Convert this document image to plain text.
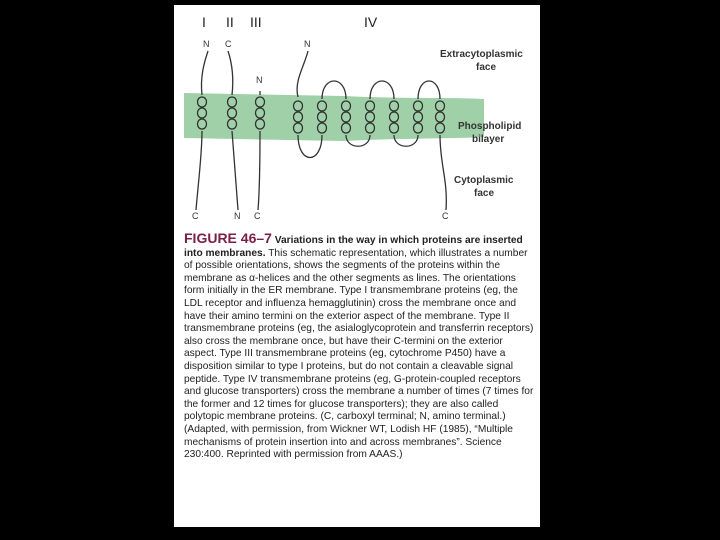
I II III	IV
N
C
C
N
N
C
N
C
Extracytoplasmic
face
Phospholipid
bilayer
Cytoplasmic
face
FIGURE 46–7 Variations in the way in which proteins are inserted into membranes. This schematic representation, which illustrates a number of possible orientations, shows the segments of the proteins within the membrane as α-helices and the other segments as lines. The orientations form initially in the ER membrane. Type I transmembrane proteins (eg, the LDL receptor and influenza hemagglutinin) cross the membrane once and have their amino termini on the exterior aspect of the membrane. Type II transmembrane proteins (eg, the asialoglycoprotein and transferrin receptors) also cross the membrane once, but have their C-termini on the exterior aspect. Type III transmembrane proteins (eg, cytochrome P450) have a disposition similar to type I proteins, but do not contain a cleavable signal peptide. Type IV transmembrane proteins (eg, G-protein-coupled receptors and glucose transporters) cross the membrane a number of times (7 times for the former and 12 times for glucose transporters); they are also called polytopic membrane proteins. (C, carboxyl terminal; N, amino terminal.) (Adapted, with permission, from Wickner WT, Lodish HF (1985), “Multiple mechanisms of protein insertion into and across membranes”. Science 230:400. Reprinted with permission from AAAS.)
